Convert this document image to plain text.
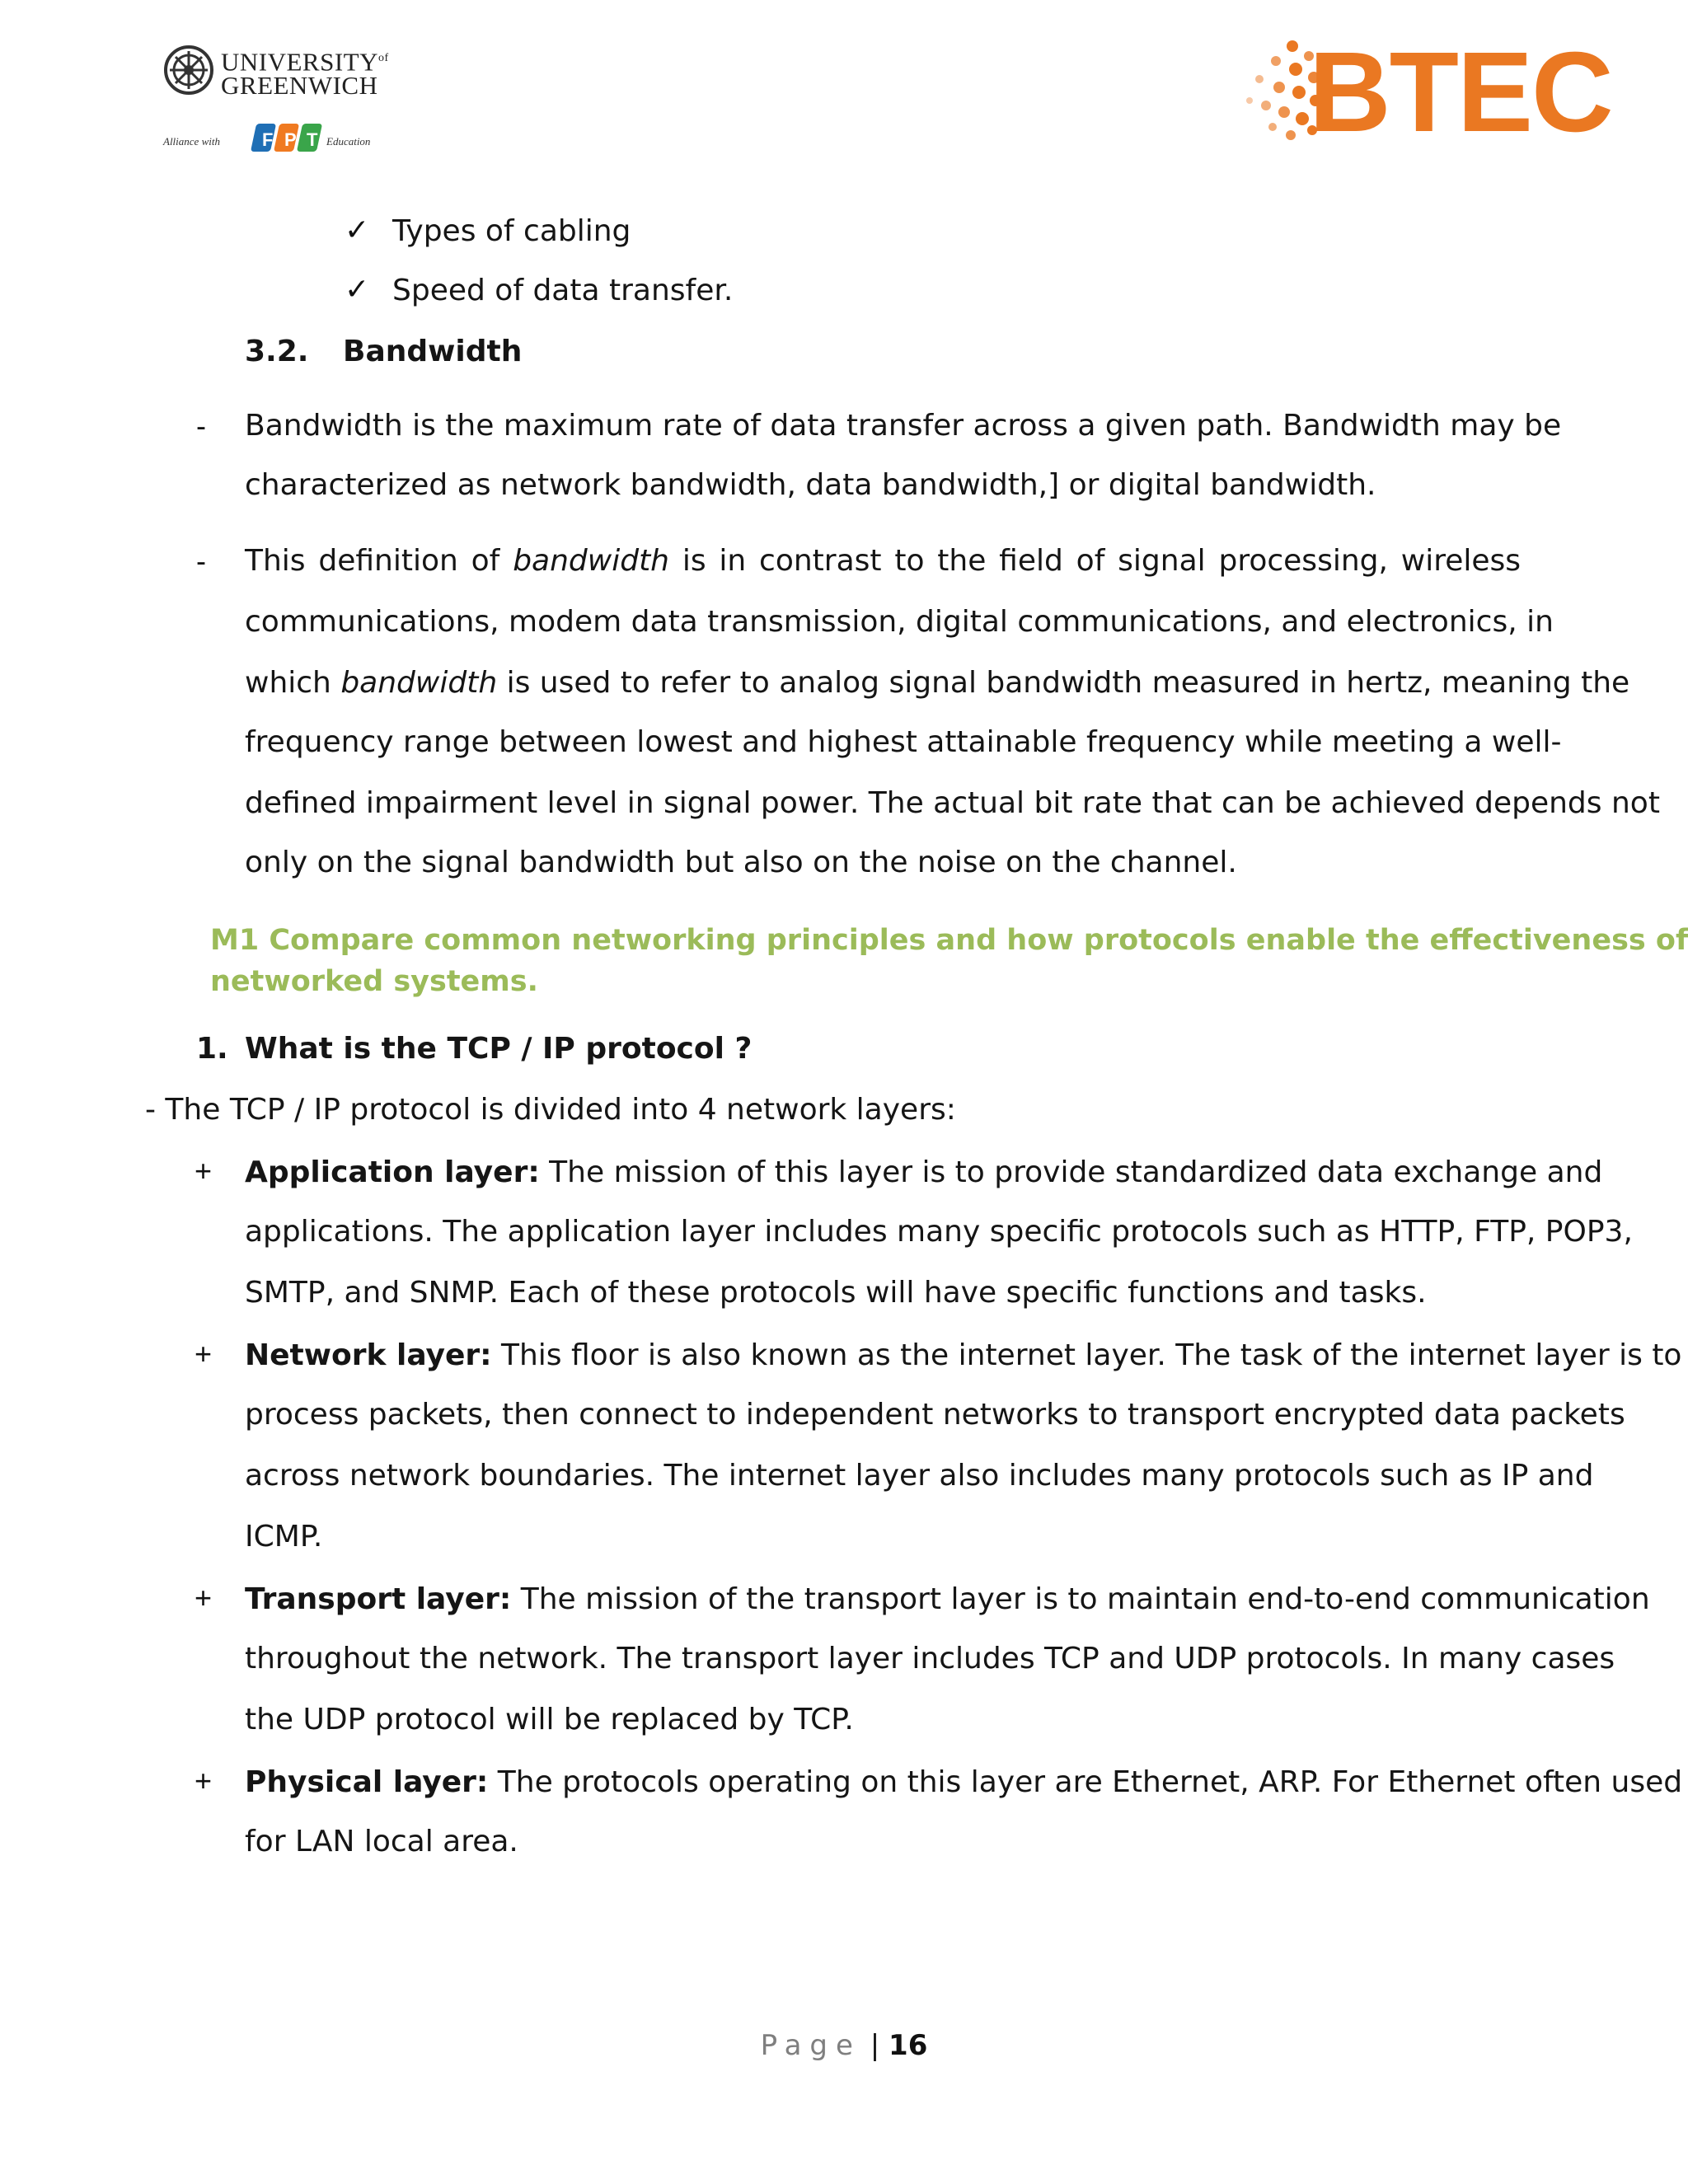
$UNIVERSITY^{of}$
GREENWICH
Alliance with F P T Education	BTEC
✓ Types of cabling
✓ Speed of data transfer.
3.2. Bandwidth
- Bandwidth is the maximum rate of data transfer across a given path. Bandwidth may be
characterized as network bandwidth, data bandwidth,] or digital bandwidth.
- This definition of bandwidth is in contrast to the field of signal processing, wireless
communications, modem data transmission, digital communications, and electronics, in
which bandwidth is used to refer to analog signal bandwidth measured in hertz, meaning the
frequency range between lowest and highest attainable frequency while meeting a well-
defined impairment level in signal power. The actual bit rate that can be achieved depends not
only on the signal bandwidth but also on the noise on the channel.
M1 Compare common networking principles and how protocols enable the effectiveness of
networked systems.
1. What is the TCP / IP protocol ?
- The TCP / IP protocol is divided into 4 network layers:
+ Application layer: The mission of this layer is to provide standardized data exchange and
applications. The application layer includes many specific protocols such as HTTP, FTP, POP3,
SMTP, and SNMP. Each of these protocols will have specific functions and tasks.
+ Network layer: This floor is also known as the internet layer. The task of the internet layer is to
process packets, then connect to independent networks to transport encrypted data packets
across network boundaries. The internet layer also includes many protocols such as IP and
ICMP.
+ Transport layer: The mission of the transport layer is to maintain end-to-end communication
throughout the network. The transport layer includes TCP and UDP protocols. In many cases
the UDP protocol will be replaced by TCP.
+ Physical layer: The protocols operating on this layer are Ethernet, ARP. For Ethernet often used
for LAN local area.
Page | 16
